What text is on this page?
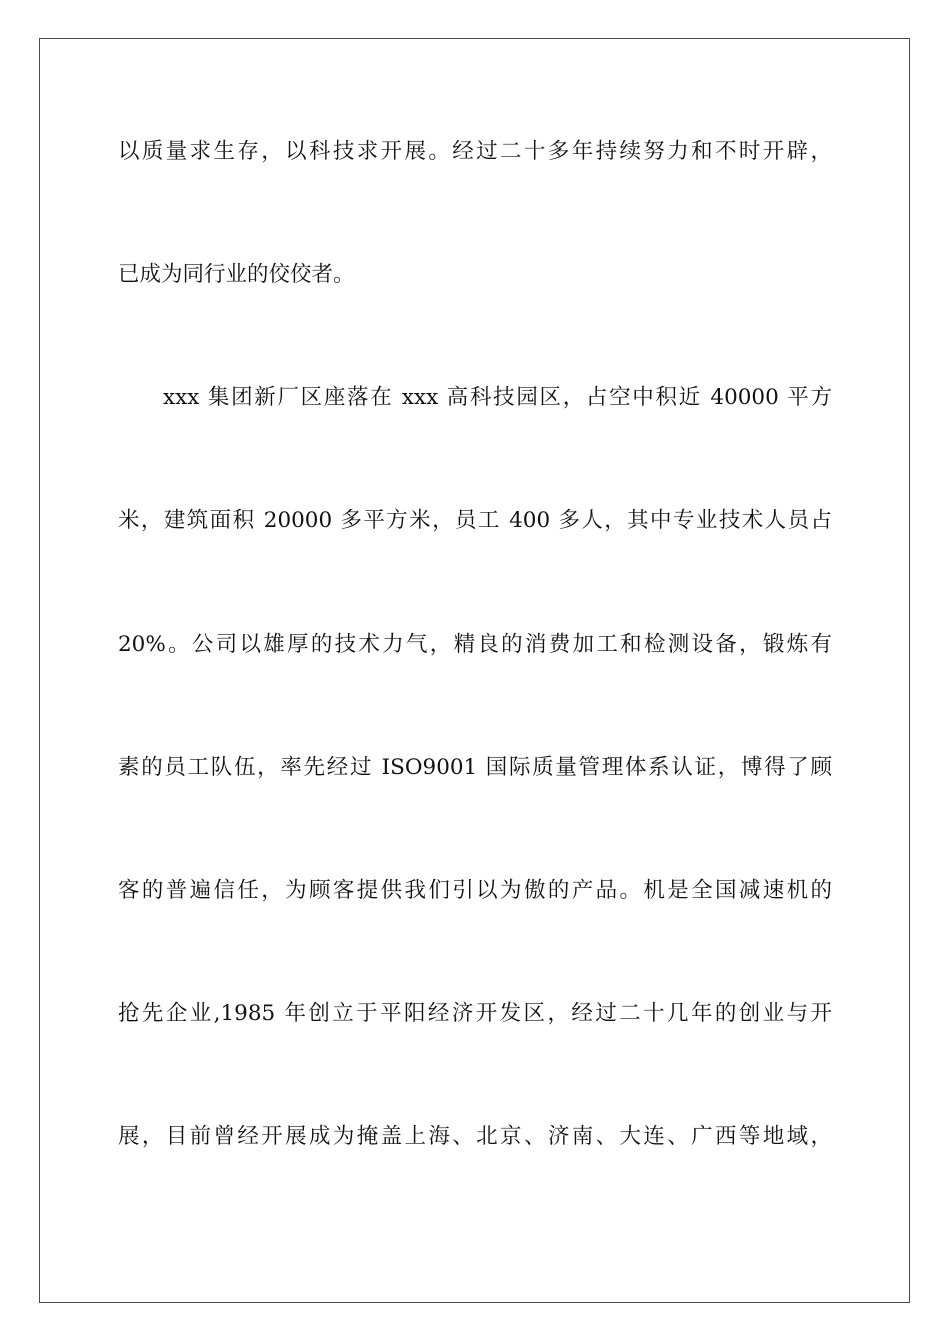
以质量求生存，以科技求开展。经过二十多年持续努力和不时开辟，
已成为同行业的佼佼者。
xxx 集团新厂区座落在 xxx 高科技园区，占空中积近 40000 平方
米，建筑面积 20000 多平方米，员工 400 多人，其中专业技术人员占
20%。公司以雄厚的技术力气，精良的消费加工和检测设备，锻炼有
素的员工队伍，率先经过 ISO9001 国际质量管理体系认证，博得了顾
客的普遍信任，为顾客提供我们引以为傲的产品。机是全国减速机的
抢先企业,1985 年创立于平阳经济开发区，经过二十几年的创业与开
展，目前曾经开展成为掩盖上海、北京、济南、大连、广西等地域，
